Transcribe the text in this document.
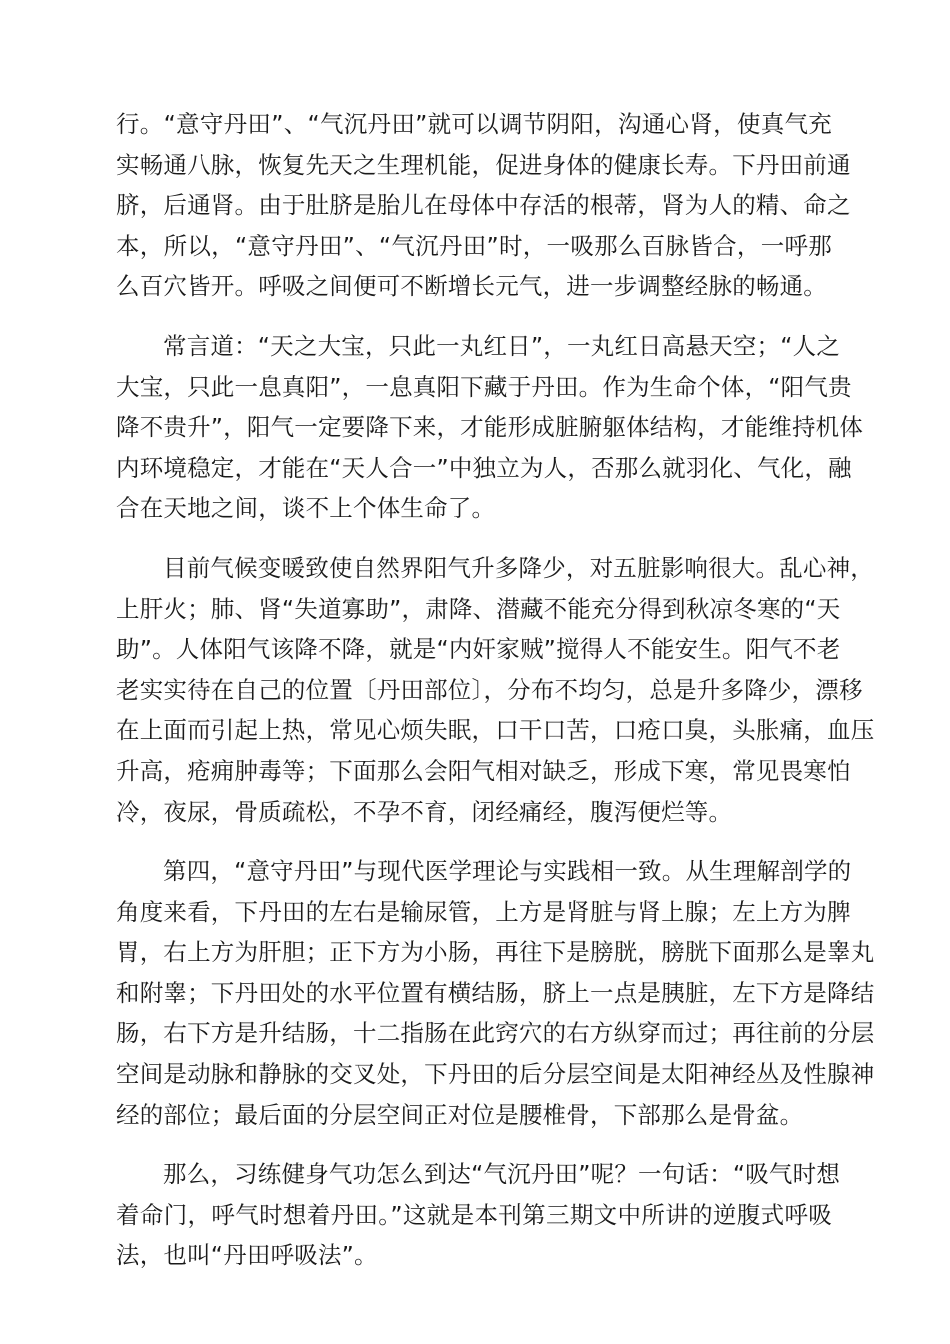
行。“意守丹田”、“气沉丹田”就可以调节阴阳，沟通心肾，使真气充
实畅通八脉，恢复先天之生理机能，促进身体的健康长寿。下丹田前通
脐，后通肾。由于肚脐是胎儿在母体中存活的根蒂，肾为人的精、命之
本，所以，“意守丹田”、“气沉丹田”时，一吸那么百脉皆合，一呼那
么百穴皆开。呼吸之间便可不断增长元气，进一步调整经脉的畅通。

常言道：“天之大宝，只此一丸红日”，一丸红日高悬天空；“人之
大宝，只此一息真阳”，一息真阳下藏于丹田。作为生命个体，“阳气贵
降不贵升”，阳气一定要降下来，才能形成脏腑躯体结构，才能维持机体
内环境稳定，才能在“天人合一”中独立为人，否那么就羽化、气化，融
合在天地之间，谈不上个体生命了。

目前气候变暖致使自然界阳气升多降少，对五脏影响很大。乱心神，
上肝火；肺、肾“失道寡助”，肃降、潜藏不能充分得到秋凉冬寒的“天
助”。人体阳气该降不降，就是“内奸家贼”搅得人不能安生。阳气不老
老实实待在自己的位置〔丹田部位〕，分布不均匀，总是升多降少，漂移
在上面而引起上热，常见心烦失眠，口干口苦，口疮口臭，头胀痛，血压
升高，疮痈肿毒等；下面那么会阳气相对缺乏，形成下寒，常见畏寒怕
冷，夜尿，骨质疏松，不孕不育，闭经痛经，腹泻便烂等。

第四，“意守丹田”与现代医学理论与实践相一致。从生理解剖学的
角度来看，下丹田的左右是输尿管，上方是肾脏与肾上腺；左上方为脾
胃，右上方为肝胆；正下方为小肠，再往下是膀胱，膀胱下面那么是睾丸
和附睾；下丹田处的水平位置有横结肠，脐上一点是胰脏，左下方是降结
肠，右下方是升结肠，十二指肠在此窍穴的右方纵穿而过；再往前的分层
空间是动脉和静脉的交叉处，下丹田的后分层空间是太阳神经丛及性腺神
经的部位；最后面的分层空间正对位是腰椎骨，下部那么是骨盆。

那么，习练健身气功怎么到达“气沉丹田”呢？一句话：“吸气时想
着命门，呼气时想着丹田。”这就是本刊第三期文中所讲的逆腹式呼吸
法，也叫“丹田呼吸法”。
